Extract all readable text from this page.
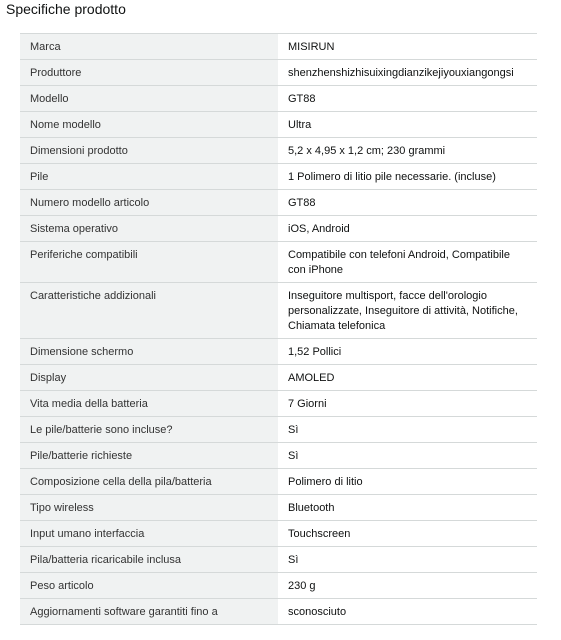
Specifiche prodotto
Marca	MISIRUN
Produttore	shenzhenshizhisuixingdianzikejiyouxiangongsi
Modello	GT88
Nome modello	Ultra
Dimensioni prodotto	5,2 x 4,95 x 1,2 cm; 230 grammi
Pile	1 Polimero di litio pile necessarie. (incluse)
Numero modello articolo	GT88
Sistema operativo	iOS, Android
Periferiche compatibili	Compatibile con telefoni Android, Compatibile con iPhone
Caratteristiche addizionali	Inseguitore multisport, facce dell'orologio personalizzate, Inseguitore di attività, Notifiche, Chiamata telefonica
Dimensione schermo	1,52 Pollici
Display	AMOLED
Vita media della batteria	7 Giorni
Le pile/batterie sono incluse?	Sì
Pile/batterie richieste	Sì
Composizione cella della pila/batteria	Polimero di litio
Tipo wireless	Bluetooth
Input umano interfaccia	Touchscreen
Pila/batteria ricaricabile inclusa	Sì
Peso articolo	230 g
Aggiornamenti software garantiti fino a	sconosciuto
